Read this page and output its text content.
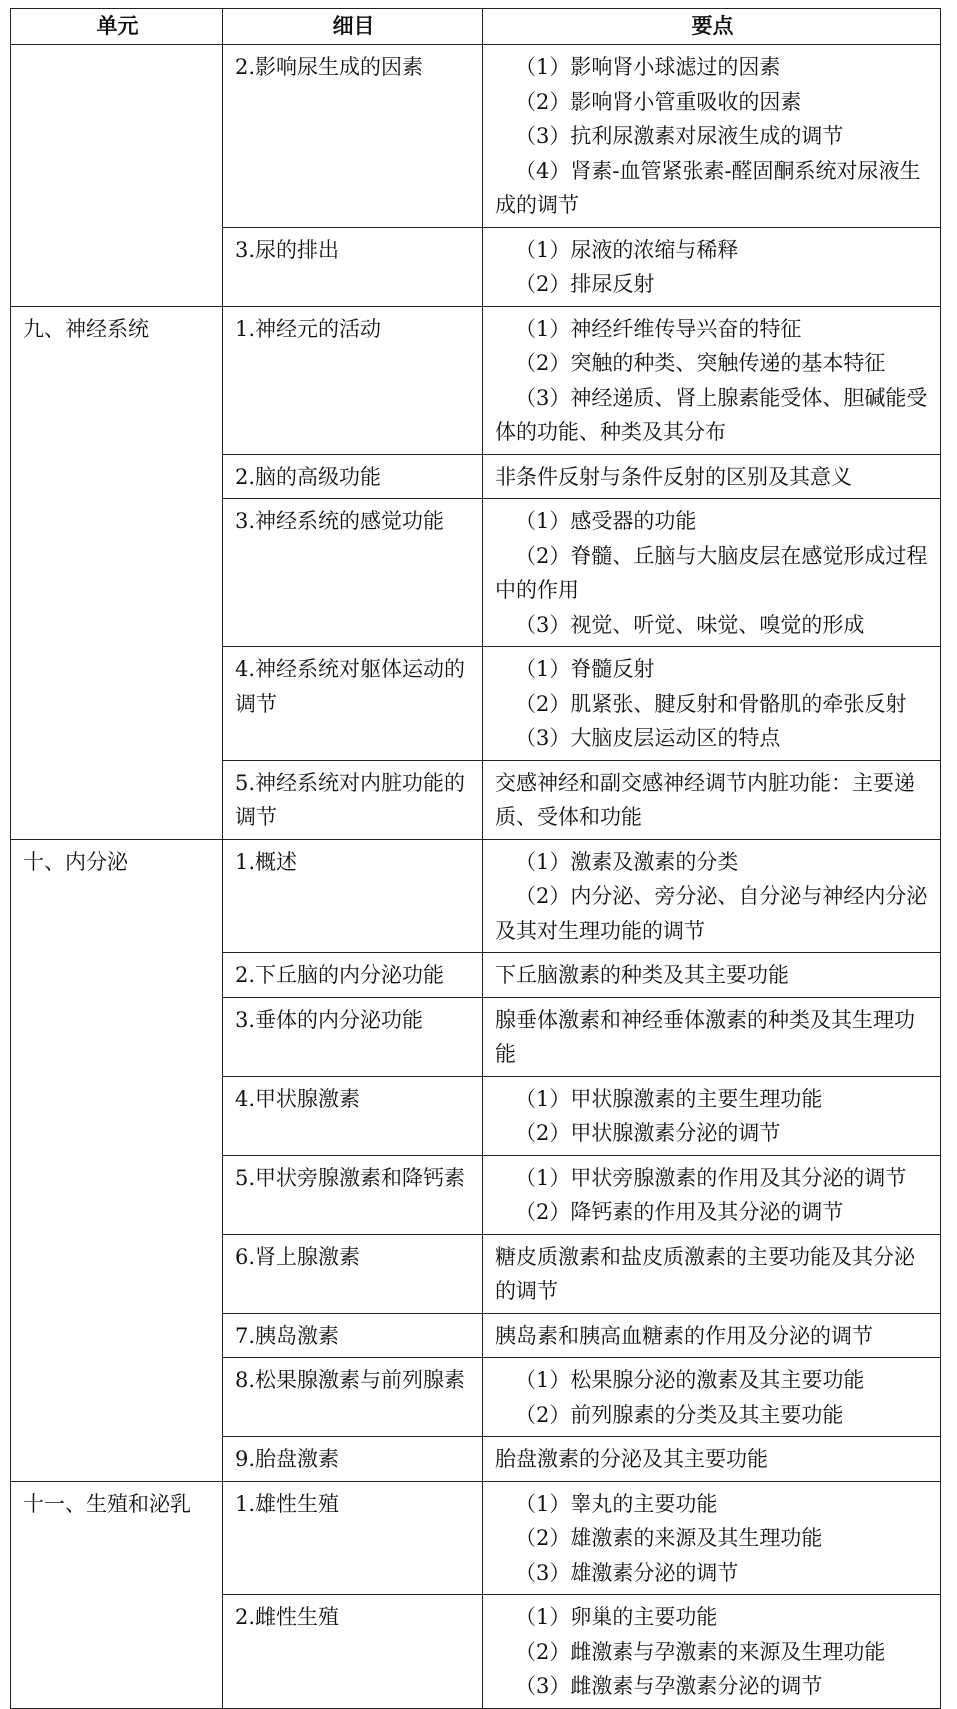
单元	细目	要点
	2.影响尿生成的因素	（1）影响肾小球滤过的因素
（2）影响肾小管重吸收的因素
（3）抗利尿激素对尿液生成的调节
（4）肾素-血管紧张素-醛固酮系统对尿液生成的调节

	3.尿的排出	（1）尿液的浓缩与稀释
（2）排尿反射

九、神经系统	1.神经元的活动	（1）神经纤维传导兴奋的特征
（2）突触的种类、突触传递的基本特征
（3）神经递质、肾上腺素能受体、胆碱能受体的功能、种类及其分布

	2.脑的高级功能	非条件反射与条件反射的区别及其意义

	3.神经系统的感觉功能	（1）感受器的功能
（2）脊髓、丘脑与大脑皮层在感觉形成过程中的作用
（3）视觉、听觉、味觉、嗅觉的形成

	4.神经系统对躯体运动的调节	（1）脊髓反射
（2）肌紧张、腱反射和骨骼肌的牵张反射
（3）大脑皮层运动区的特点

	5.神经系统对内脏功能的调节	交感神经和副交感神经调节内脏功能：主要递质、受体和功能

十、内分泌	1.概述	（1）激素及激素的分类
（2）内分泌、旁分泌、自分泌与神经内分泌及其对生理功能的调节

	2.下丘脑的内分泌功能	下丘脑激素的种类及其主要功能

	3.垂体的内分泌功能	腺垂体激素和神经垂体激素的种类及其生理功能

	4.甲状腺激素	（1）甲状腺激素的主要生理功能
（2）甲状腺激素分泌的调节

	5.甲状旁腺激素和降钙素	（1）甲状旁腺激素的作用及其分泌的调节
（2）降钙素的作用及其分泌的调节

	6.肾上腺激素	糖皮质激素和盐皮质激素的主要功能及其分泌的调节

	7.胰岛激素	胰岛素和胰高血糖素的作用及分泌的调节

	8.松果腺激素与前列腺素	（1）松果腺分泌的激素及其主要功能
（2）前列腺素的分类及其主要功能

	9.胎盘激素	胎盘激素的分泌及其主要功能

十一、生殖和泌乳	1.雄性生殖	（1）睾丸的主要功能
（2）雄激素的来源及其生理功能
（3）雄激素分泌的调节

	2.雌性生殖	（1）卵巢的主要功能
（2）雌激素与孕激素的来源及生理功能
（3）雌激素与孕激素分泌的调节
